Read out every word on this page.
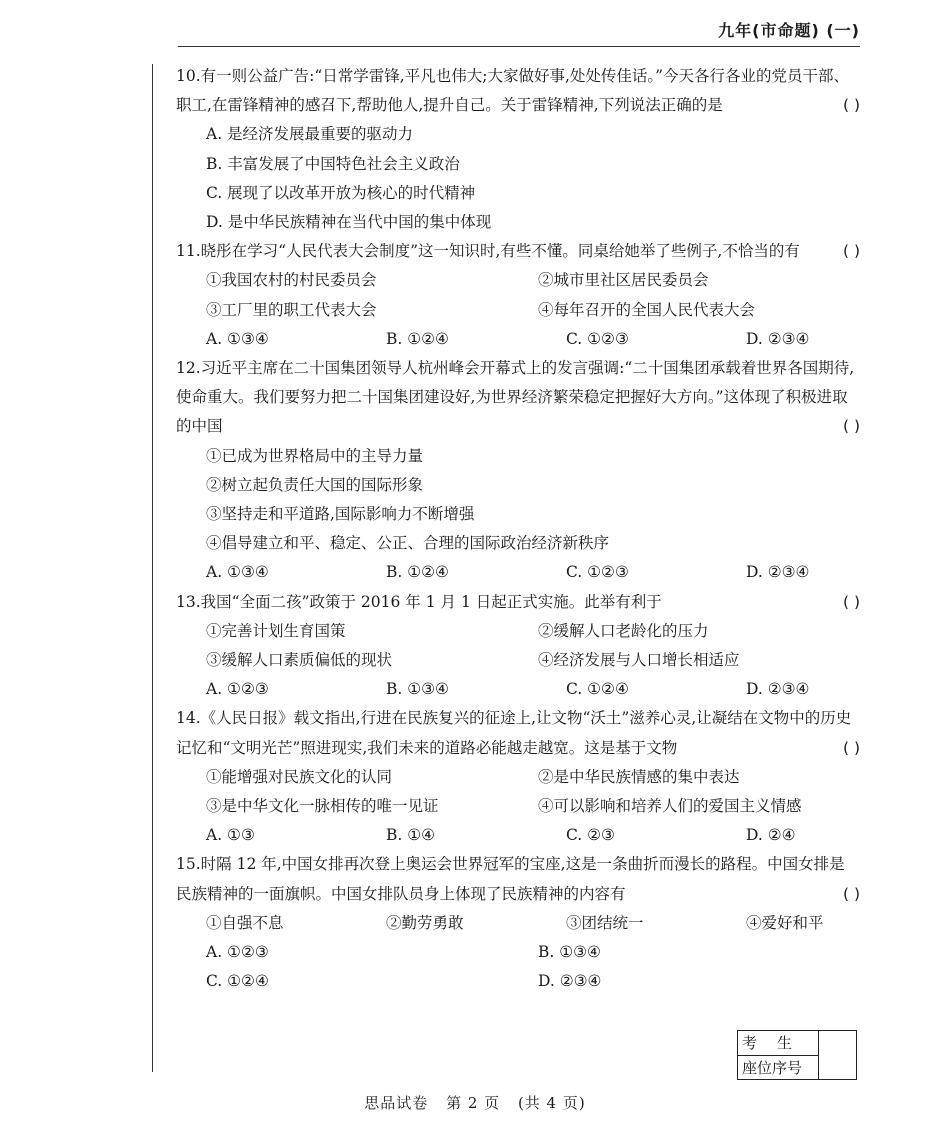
九年(市命题) (一)
10.有一则公益广告:“日常学雷锋,平凡也伟大;大家做好事,处处传佳话。”今天各行各业的党员干部、职工,在雷锋精神的感召下,帮助他人,提升自己。关于雷锋精神,下列说法正确的是	( )
A. 是经济发展最重要的驱动力
B. 丰富发展了中国特色社会主义政治
C. 展现了以改革开放为核心的时代精神
D. 是中华民族精神在当代中国的集中体现
11.晓彤在学习“人民代表大会制度”这一知识时,有些不懂。同桌给她举了些例子,不恰当的有	( )
①我国农村的村民委员会	②城市里社区居民委员会
③工厂里的职工代表大会	④每年召开的全国人民代表大会
A. ①③④	B. ①②④	C. ①②③	D. ②③④
12.习近平主席在二十国集团领导人杭州峰会开幕式上的发言强调:“二十国集团承载着世界各国期待,使命重大。我们要努力把二十国集团建设好,为世界经济繁荣稳定把握好大方向。”这体现了积极进取的中国	( )
①已成为世界格局中的主导力量
②树立起负责任大国的国际形象
③坚持走和平道路,国际影响力不断增强
④倡导建立和平、稳定、公正、合理的国际政治经济新秩序
A. ①③④	B. ①②④	C. ①②③	D. ②③④
13.我国“全面二孩”政策于 2016 年 1 月 1 日起正式实施。此举有利于	( )
①完善计划生育国策	②缓解人口老龄化的压力
③缓解人口素质偏低的现状	④经济发展与人口增长相适应
A. ①②③	B. ①③④	C. ①②④	D. ②③④
14.《人民日报》载文指出,行进在民族复兴的征途上,让文物“沃土”滋养心灵,让凝结在文物中的历史记忆和“文明光芒”照进现实,我们未来的道路必能越走越宽。这是基于文物	( )
①能增强对民族文化的认同	②是中华民族情感的集中表达
③是中华文化一脉相传的唯一见证	④可以影响和培养人们的爱国主义情感
A. ①③	B. ①④	C. ②③	D. ②④
15.时隔 12 年,中国女排再次登上奥运会世界冠军的宝座,这是一条曲折而漫长的路程。中国女排是民族精神的一面旗帜。中国女排队员身上体现了民族精神的内容有	( )
①自强不息	②勤劳勇敢	③团结统一	④爱好和平
A. ①②③	B. ①③④
C. ①②④	D. ②③④
考生
座位序号
思品试卷 第 2 页 (共 4 页)
